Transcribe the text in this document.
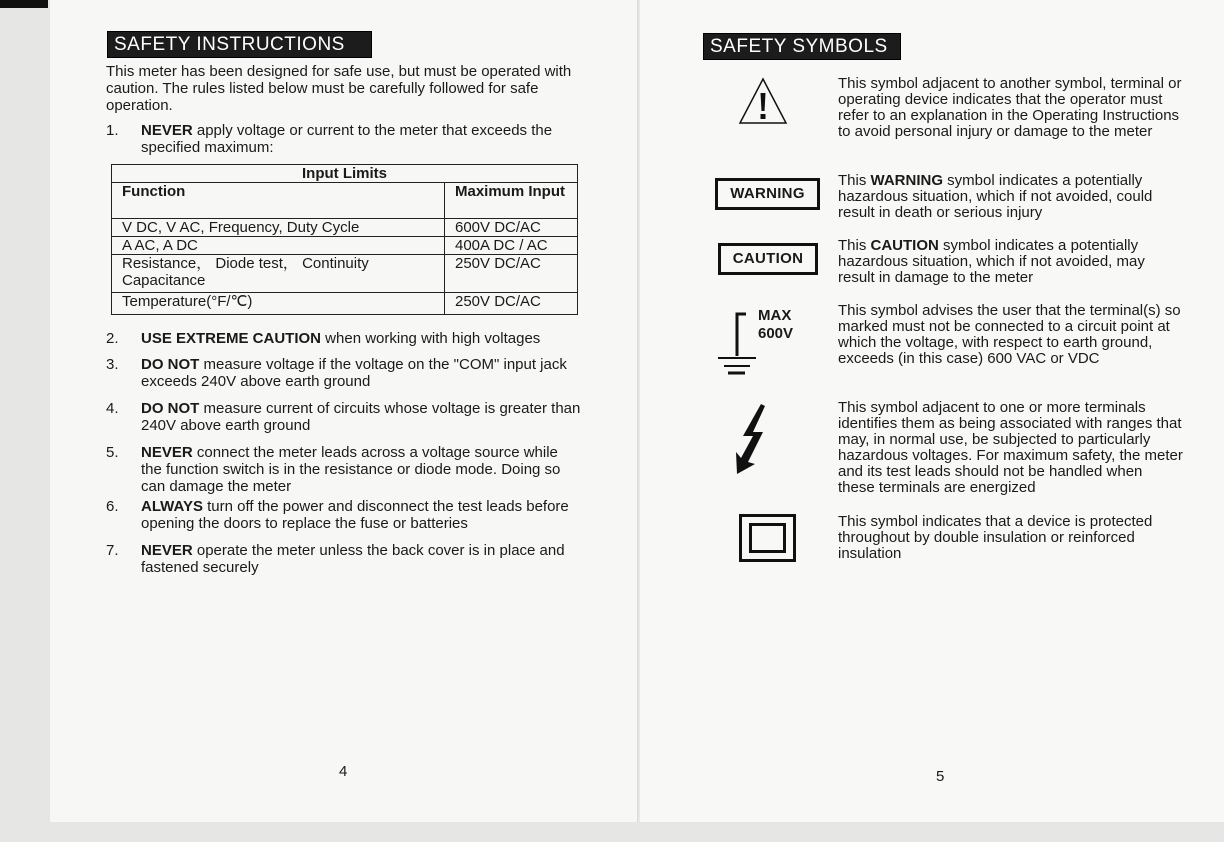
SAFETY INSTRUCTIONS
This meter has been designed for safe use, but must be operated with caution. The rules listed below must be carefully followed for safe operation.
1. NEVER apply voltage or current to the meter that exceeds the specified maximum:
Input Limits	
Function	Maximum Input
V DC, V AC, Frequency, Duty Cycle	600V DC/AC
A AC, A DC	400A DC / AC
Resistance， Diode test， Continuity Capacitance	250V DC/AC
Temperature(°F/℃)	250V DC/AC
2. USE EXTREME CAUTION when working with high voltages
3. DO NOT measure voltage if the voltage on the "COM" input jack exceeds 240V above earth ground
4. DO NOT measure current of circuits whose voltage is greater than 240V above earth ground
5. NEVER connect the meter leads across a voltage source while the function switch is in the resistance or diode mode. Doing so can damage the meter
6. ALWAYS turn off the power and disconnect the test leads before opening the doors to replace the fuse or batteries
7. NEVER operate the meter unless the back cover is in place and fastened securely
4
SAFETY SYMBOLS
This symbol adjacent to another symbol, terminal or operating device indicates that the operator must refer to an explanation in the Operating Instructions to avoid personal injury or damage to the meter
WARNING
This WARNING symbol indicates a potentially hazardous situation, which if not avoided, could result in death or serious injury
CAUTION
This CAUTION symbol indicates a potentially hazardous situation, which if not avoided, may result in damage to the meter
MAX
600V
This symbol advises the user that the terminal(s) so marked must not be connected to a circuit point at which the voltage, with respect to earth ground, exceeds (in this case) 600 VAC or VDC
This symbol adjacent to one or more terminals identifies them as being associated with ranges that may, in normal use, be subjected to particularly hazardous voltages. For maximum safety, the meter and its test leads should not be handled when these terminals are energized
This symbol indicates that a device is protected throughout by double insulation or reinforced insulation
5
